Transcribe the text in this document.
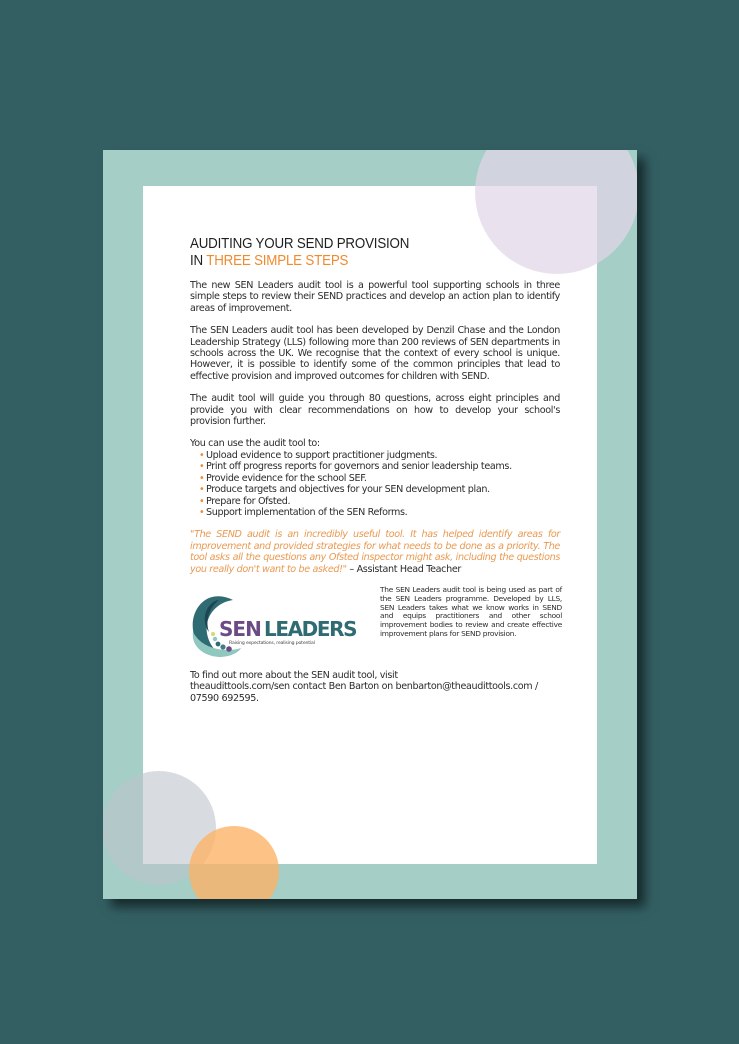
AUDITING YOUR SEND PROVISION
IN THREE SIMPLE STEPS

The new SEN Leaders audit tool is a powerful tool supporting schools in three simple steps to review their SEND practices and develop an action plan to identify areas of improvement.

The SEN Leaders audit tool has been developed by Denzil Chase and the London Leadership Strategy (LLS) following more than 200 reviews of SEN departments in schools across the UK. We recognise that the context of every school is unique. However, it is possible to identify some of the common principles that lead to effective provision and improved outcomes for children with SEND.

The audit tool will guide you through 80 questions, across eight principles and provide you with clear recommendations on how to develop your school's provision further.

You can use the audit tool to:
• Upload evidence to support practitioner judgments.
• Print off progress reports for governors and senior leadership teams.
• Provide evidence for the school SEF.
• Produce targets and objectives for your SEN development plan.
• Prepare for Ofsted.
• Support implementation of the SEN Reforms.

"The SEND audit is an incredibly useful tool. It has helped identify areas for improvement and provided strategies for what needs to be done as a priority. The tool asks all the questions any Ofsted inspector might ask, including the questions you really don't want to be asked!" – Assistant Head Teacher

SEN LEADERS
Raising expectations, realising potential
The SEN Leaders audit tool is being used as part of the SEN Leaders programme. Developed by LLS, SEN Leaders takes what we know works in SEND and equips practitioners and other school improvement bodies to review and create effective improvement plans for SEND provision.

To find out more about the SEN audit tool, visit

theaudittools.com/sen contact Ben Barton on benbarton@theaudittools.com /

07590 692595.
